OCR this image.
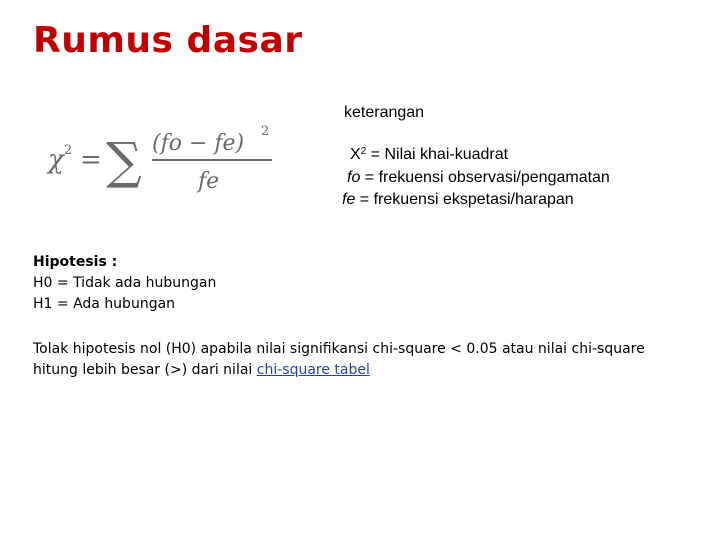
Rumus dasar
χ 2 = ∑ (fo − fe) 2
fe
keterangan
$X^2$ = Nilai khai-kuadrat
fo = frekuensi observasi/pengamatan
fe = frekuensi ekspetasi/harapan
Hipotesis :
H0 = Tidak ada hubungan
H1 = Ada hubungan
Tolak hipotesis nol (H0) apabila nilai signifikansi chi-square < 0.05 atau nilai chi-square hitung lebih besar (>) dari nilai chi-square tabel
